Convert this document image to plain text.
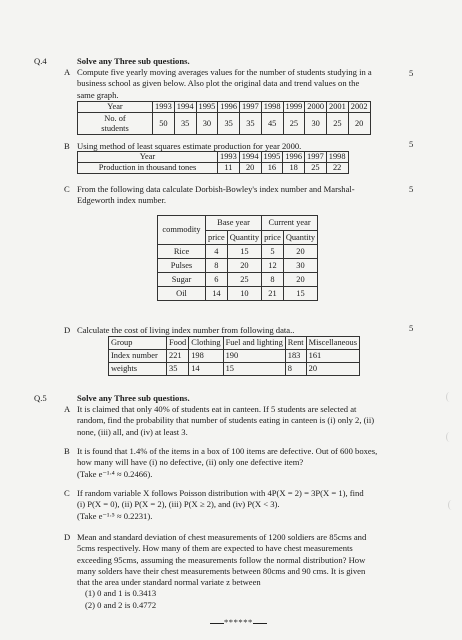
Q.4	Solve any Three sub questions.
A Compute five yearly moving averages values for the number of students studying in a
business school as given below. Also plot the original data and trend values on the
same graph.
5
Year	1993	1994	1995	1996	1997	1998	1999	2000	2001	2002

No. of
students	50	35	30	35	35	45	25	30	25	20
B Using method of least squares estimate production for year 2000.	5
Year	1993	1994	1995	1996	1997	1998
Production in thousand tones	11	20	16	18	25	22
C From the following data calculate Dorbish-Bowley's index number and Marshal-
Edgeworth index number.
5
commodity	Base year		Current year	
	price	Quantity	price	Quantity
Rice	4	15	5	20
Pulses	8	20	12	30
Sugar	6	25	8	20
Oil	14	10	21	15
D Calculate the cost of living index number from following data..	5
Group	Food	Clothing	Fuel and lighting	Rent	Miscellaneous
Index number	221	198	190	183	161
weights	35	14	15	8	20
Q.5	Solve any Three sub questions.
A It is claimed that only 40% of students eat in canteen. If 5 students are selected at
random, find the probability that number of students eating in canteen is (i) only 2, (ii)
none, (iii) all, and (iv) at least 3.
B It is found that 1.4% of the items in a box of 100 items are defective. Out of 600 boxes,
how many will have (i) no defective, (ii) only one defective item?
(Take e⁻¹ᐧ⁴ ≈ 0.2466).
C If random variable X follows Poisson distribution with 4P(X = 2) = 3P(X = 1), find
(i) P(X = 0), (ii) P(X = 2), (iii) P(X ≥ 2), and (iv) P(X < 3).
(Take e⁻¹ᐧ⁵ ≈ 0.2231).
D Mean and standard deviation of chest measurements of 1200 soldiers are 85cms and
5cms respectively. How many of them are expected to have chest measurements
exceeding 95cms, assuming the measurements follow the normal distribution? How
many solders have their chest measurements between 80cms and 90 cms. It is given
that the area under standard normal variate z between
(1) 0 and 1 is 0.3413
(2) 0 and 2 is 0.4772
******
